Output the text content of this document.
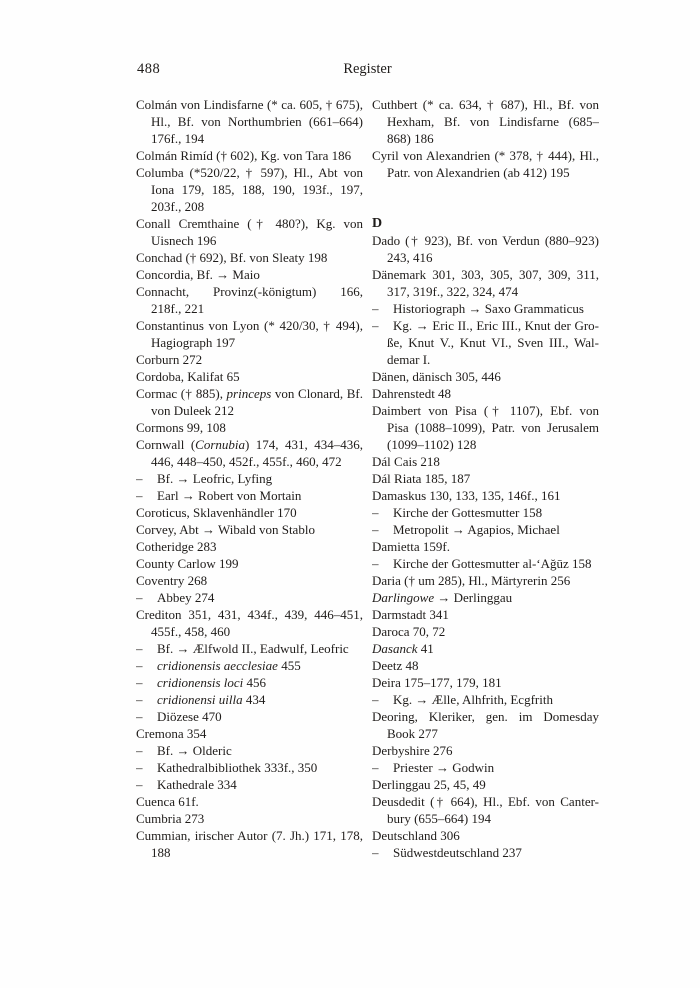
488	Register
Colmán von Lindisfarne (* ca. 605, † 675),
Hl., Bf. von Northumbrien (661–664)
176f., 194
Colmán Rimíd († 602), Kg. von Tara 186
Columba (*520/22, † 597), Hl., Abt von
Iona 179, 185, 188, 190, 193f., 197,
203f., 208
Conall Cremthaine († 480?), Kg. von
Uisnech 196
Conchad († 692), Bf. von Sleaty 198
Concordia, Bf. → Maio
Connacht, Provinz(-königtum) 166,
218f., 221
Constantinus von Lyon (* 420/30, † 494),
Hagiograph 197
Corburn 272
Cordoba, Kalifat 65
Cormac († 885), princeps von Clonard, Bf.
von Duleek 212
Cormons 99, 108
Cornwall (Cornubia) 174, 431, 434–436,
446, 448–450, 452f., 455f., 460, 472
–	Bf. → Leofric, Lyfing
–	Earl → Robert von Mortain
Coroticus, Sklavenhändler 170
Corvey, Abt → Wibald von Stablo
Cotheridge 283
County Carlow 199
Coventry 268
–	Abbey 274
Crediton 351, 431, 434f., 439, 446–451,
455f., 458, 460
–	Bf. → Ælfwold II., Eadwulf, Leofric
–	cridionensis aecclesiae 455
–	cridionensis loci 456
–	cridionensi uilla 434
–	Diözese 470
Cremona 354
–	Bf. → Olderic
–	Kathedralbibliothek 333f., 350
–	Kathedrale 334
Cuenca 61f.
Cumbria 273
Cummian, irischer Autor (7. Jh.) 171, 178,
188
Cuthbert (* ca. 634, † 687), Hl., Bf. von
Hexham, Bf. von Lindisfarne (685–
868) 186
Cyril von Alexandrien (* 378, † 444), Hl.,
Patr. von Alexandrien (ab 412) 195
D
Dado († 923), Bf. von Verdun (880–923)
243, 416
Dänemark 301, 303, 305, 307, 309, 311,
317, 319f., 322, 324, 474
–	Historiograph → Saxo Grammaticus
–	Kg. → Eric II., Eric III., Knut der Gro-
ße, Knut V., Knut VI., Sven III., Wal-
demar I.
Dänen, dänisch 305, 446
Dahrenstedt 48
Daimbert von Pisa († 1107), Ebf. von
Pisa (1088–1099), Patr. von Jerusalem
(1099–1102) 128
Dál Cais 218
Dál Riata 185, 187
Damaskus 130, 133, 135, 146f., 161
–	Kirche der Gottesmutter 158
–	Metropolit → Agapios, Michael
Damietta 159f.
–	Kirche der Gottesmutter al-‘Ağūz 158
Daria († um 285), Hl., Märtyrerin 256
Darlingowe → Derlinggau
Darmstadt 341
Daroca 70, 72
Dasanck 41
Deetz 48
Deira 175–177, 179, 181
–	Kg. → Ælle, Alhfrith, Ecgfrith
Deoring, Kleriker, gen. im Domesday
Book 277
Derbyshire 276
–	Priester → Godwin
Derlinggau 25, 45, 49
Deusdedit († 664), Hl., Ebf. von Canter-
bury (655–664) 194
Deutschland 306
–	Südwestdeutschland 237
